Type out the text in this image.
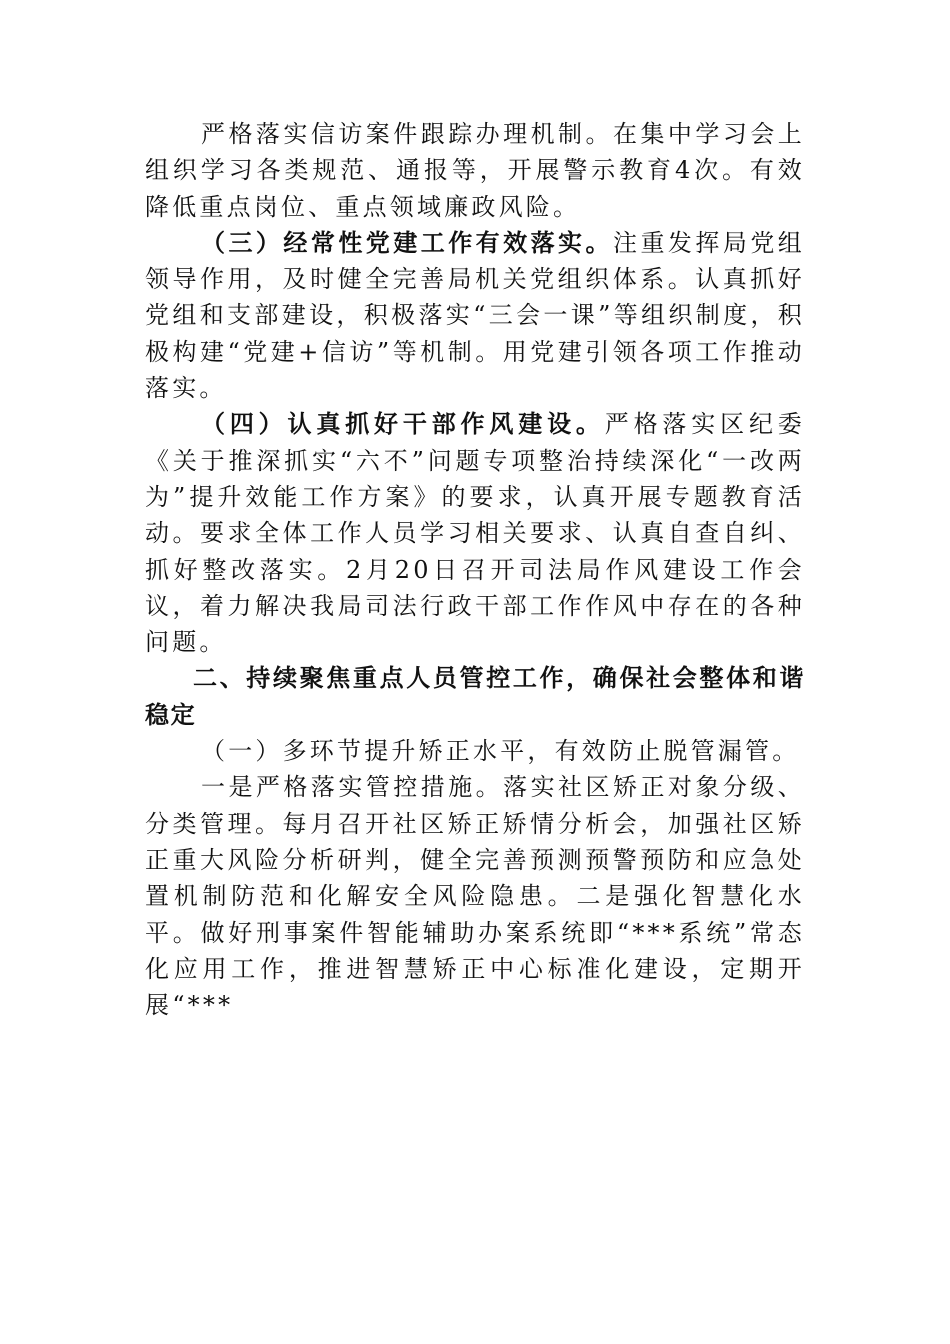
严格落实信访案件跟踪办理机制。在集中学习会上组织学习各类规范、通报等，开展警示教育4次。有效降低重点岗位、重点领域廉政风险。

（三）经常性党建工作有效落实。注重发挥局党组领导作用，及时健全完善局机关党组织体系。认真抓好党组和支部建设，积极落实“三会一课”等组织制度，积极构建“党建+信访”等机制。用党建引领各项工作推动落实。

（四）认真抓好干部作风建设。严格落实区纪委《关于推深抓实“六不”问题专项整治持续深化“一改两为”提升效能工作方案》的要求，认真开展专题教育活动。要求全体工作人员学习相关要求、认真自查自纠、抓好整改落实。2月20日召开司法局作风建设工作会议，着力解决我局司法行政干部工作作风中存在的各种问题。

二、持续聚焦重点人员管控工作，确保社会整体和谐稳定

（一）多环节提升矫正水平，有效防止脱管漏管。

一是严格落实管控措施。落实社区矫正对象分级、分类管理。每月召开社区矫正矫情分析会，加强社区矫正重大风险分析研判，健全完善预测预警预防和应急处置机制防范和化解安全风险隐患。二是强化智慧化水平。做好刑事案件智能辅助办案系统即“***系统”常态化应用工作，推进智慧矫正中心标准化建设，定期开展“***
